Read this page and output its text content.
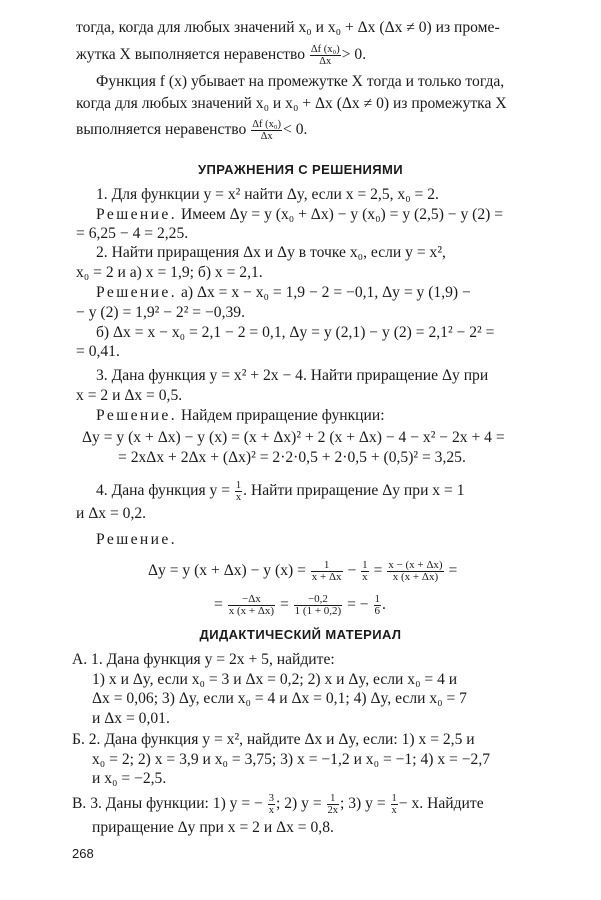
тогда, когда для любых значений x₀ и x₀ + Δx (Δx ≠ 0) из проме-
жутка X выполняется неравенство $\frac{\text{Δf (x₀)}}{\Delta x} > 0$.
Функция f (x) убывает на промежутке X тогда и только тогда,
когда для любых значений x₀ и x₀ + Δx (Δx ≠ 0) из промежутка X
выполняется неравенство $\frac{\text{Δf (x₀)}}{\Delta x} < 0$.
УПРАЖНЕНИЯ С РЕШЕНИЯМИ
1. Для функции y = x² найти Δy, если x = 2,5, x₀ = 2.
Решение. Имеем Δy = y (x₀ + Δx) − y (x₀) = y (2,5) − y (2) =
= 6,25 − 4 = 2,25.
2. Найти приращения Δx и Δy в точке x₀, если y = x²,
x₀ = 2 и а) x = 1,9; б) x = 2,1.
Решение. а) Δx = x − x₀ = 1,9 − 2 = −0,1, Δy = y (1,9) −
− y (2) = 1,9² − 2² = −0,39.
б) Δx = x − x₀ = 2,1 − 2 = 0,1, Δy = y (2,1) − y (2) = 2,1² − 2² =
= 0,41.
3. Дана функция y = x² + 2x − 4. Найти приращение Δy при
x = 2 и Δx = 0,5.
Решение. Найдем приращение функции:
Δy = y (x + Δx) − y (x) = (x + Δx)² + 2 (x + Δx) − 4 − x² − 2x + 4 =
= 2xΔx + 2Δx + (Δx)² = 2·2·0,5 + 2·0,5 + (0,5)² = 3,25.
4. Дана функция $y = \frac{1}{x}$ . Найти приращение Δy при x = 1
и Δx = 0,2.
Решение.
Δy = y (x + Δx) − y $(x) = \frac{1}{x + \Delta x} - \frac{1}{x} = \frac{x - (x + \Delta x)}{x (x + \Delta x)}$ =
= $\frac{-\Delta x}{x (x + \Delta x)} = \frac{-0,2}{1 (1 + 0,2)}$ = − $\frac{1}{6}$ .
ДИДАКТИЧЕСКИЙ МАТЕРИАЛ
А. 1. Дана функция y = 2x + 5, найдите:
1) x и Δy, если x₀ = 3 и Δx = 0,2; 2) x и Δy, если x₀ = 4 и
Δx = 0,06; 3) Δy, если x₀ = 4 и Δx = 0,1; 4) Δy, если x₀ = 7
и Δx = 0,01.
Б. 2. Дана функция y = x², найдите Δx и Δy, если: 1) x = 2,5 и
x₀ = 2; 2) x = 3,9 и x₀ = 3,75; 3) x = −1,2 и x₀ = −1; 4) x = −2,7
и x₀ = −2,5.
В. 3. Даны функции: 1) y = − $\frac{3}{x}$ ; 2) $y = \frac{1}{2x}$ ; 3) $y = \frac{1}{x} - x$. Найдите
приращение Δy при x = 2 и Δx = 0,8.
268
